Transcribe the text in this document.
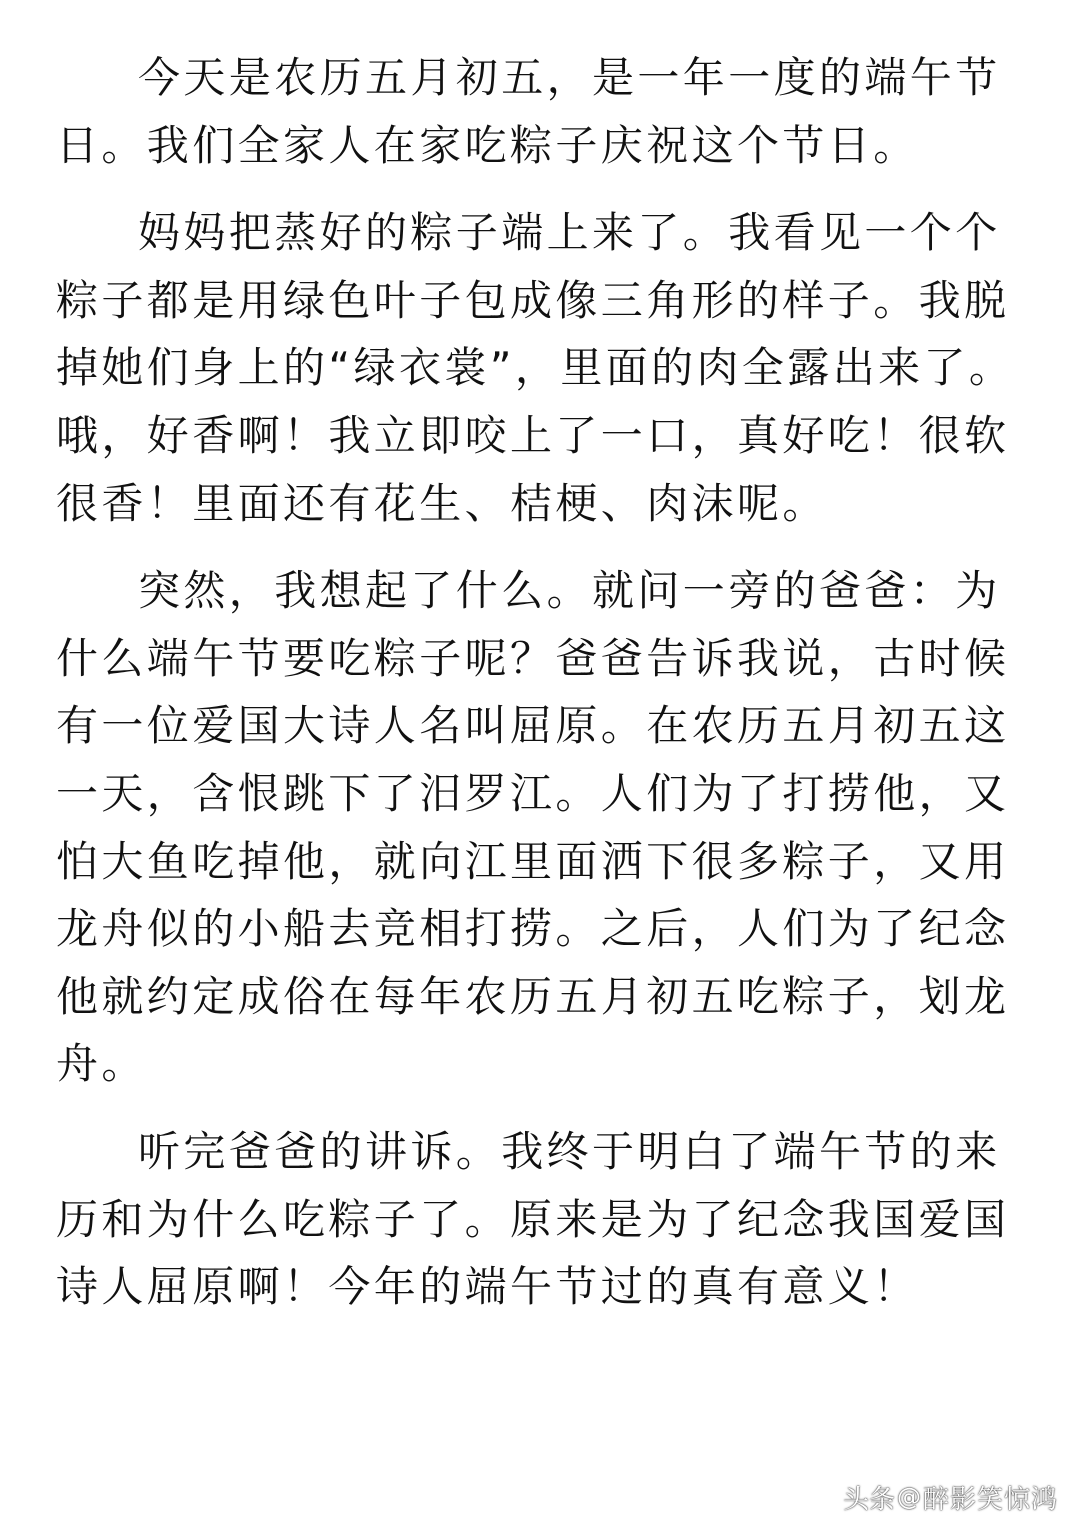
今天是农历五月初五，是一年一度的端午节
日。我们全家人在家吃粽子庆祝这个节日。
妈妈把蒸好的粽子端上来了。我看见一个个
粽子都是用绿色叶子包成像三角形的样子。我脱
掉她们身上的“绿衣裳”，里面的肉全露出来了。
哦，好香啊！我立即咬上了一口，真好吃！很软
很香！里面还有花生、桔梗、肉沫呢。
突然，我想起了什么。就问一旁的爸爸：为
什么端午节要吃粽子呢？爸爸告诉我说，古时候
有一位爱国大诗人名叫屈原。在农历五月初五这
一天，含恨跳下了汨罗江。人们为了打捞他，又
怕大鱼吃掉他，就向江里面洒下很多粽子，又用
龙舟似的小船去竞相打捞。之后，人们为了纪念
他就约定成俗在每年农历五月初五吃粽子，划龙
舟。
听完爸爸的讲诉。我终于明白了端午节的来
历和为什么吃粽子了。原来是为了纪念我国爱国
诗人屈原啊！今年的端午节过的真有意义！
头条 @ 醉影笑惊鸿
